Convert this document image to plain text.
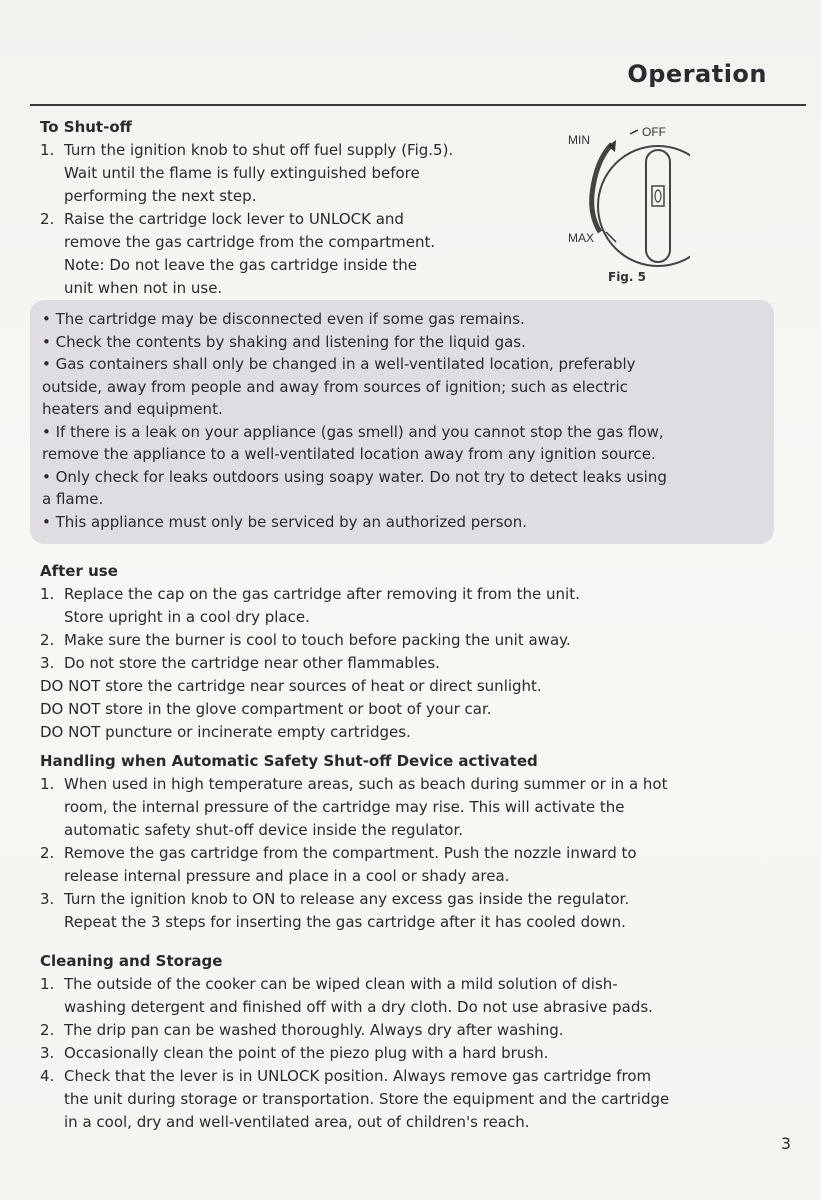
Operation
To Shut-off
1. Turn the ignition knob to shut off fuel supply (Fig.5).
Wait until the flame is fully extinguished before
performing the next step.
2. Raise the cartridge lock lever to UNLOCK and
remove the gas cartridge from the compartment.
Note: Do not leave the gas cartridge inside the
unit when not in use.
MIN
OFF
MAX
Fig. 5
• The cartridge may be disconnected even if some gas remains.
• Check the contents by shaking and listening for the liquid gas.
• Gas containers shall only be changed in a well-ventilated location, preferably
outside, away from people and away from sources of ignition; such as electric
heaters and equipment.
• If there is a leak on your appliance (gas smell) and you cannot stop the gas flow,
remove the appliance to a well-ventilated location away from any ignition source.
• Only check for leaks outdoors using soapy water. Do not try to detect leaks using
a flame.
• This appliance must only be serviced by an authorized person.
After use
1. Replace the cap on the gas cartridge after removing it from the unit.
Store upright in a cool dry place.
2. Make sure the burner is cool to touch before packing the unit away.
3. Do not store the cartridge near other flammables.
DO NOT store the cartridge near sources of heat or direct sunlight.
DO NOT store in the glove compartment or boot of your car.
DO NOT puncture or incinerate empty cartridges.
Handling when Automatic Safety Shut-off Device activated
1. When used in high temperature areas, such as beach during summer or in a hot
room, the internal pressure of the cartridge may rise. This will activate the
automatic safety shut-off device inside the regulator.
2. Remove the gas cartridge from the compartment. Push the nozzle inward to
release internal pressure and place in a cool or shady area.
3. Turn the ignition knob to ON to release any excess gas inside the regulator.
Repeat the 3 steps for inserting the gas cartridge after it has cooled down.
Cleaning and Storage
1. The outside of the cooker can be wiped clean with a mild solution of dish-
washing detergent and finished off with a dry cloth. Do not use abrasive pads.
2. The drip pan can be washed thoroughly. Always dry after washing.
3. Occasionally clean the point of the piezo plug with a hard brush.
4. Check that the lever is in UNLOCK position. Always remove gas cartridge from
the unit during storage or transportation. Store the equipment and the cartridge
in a cool, dry and well-ventilated area, out of children's reach.
3
